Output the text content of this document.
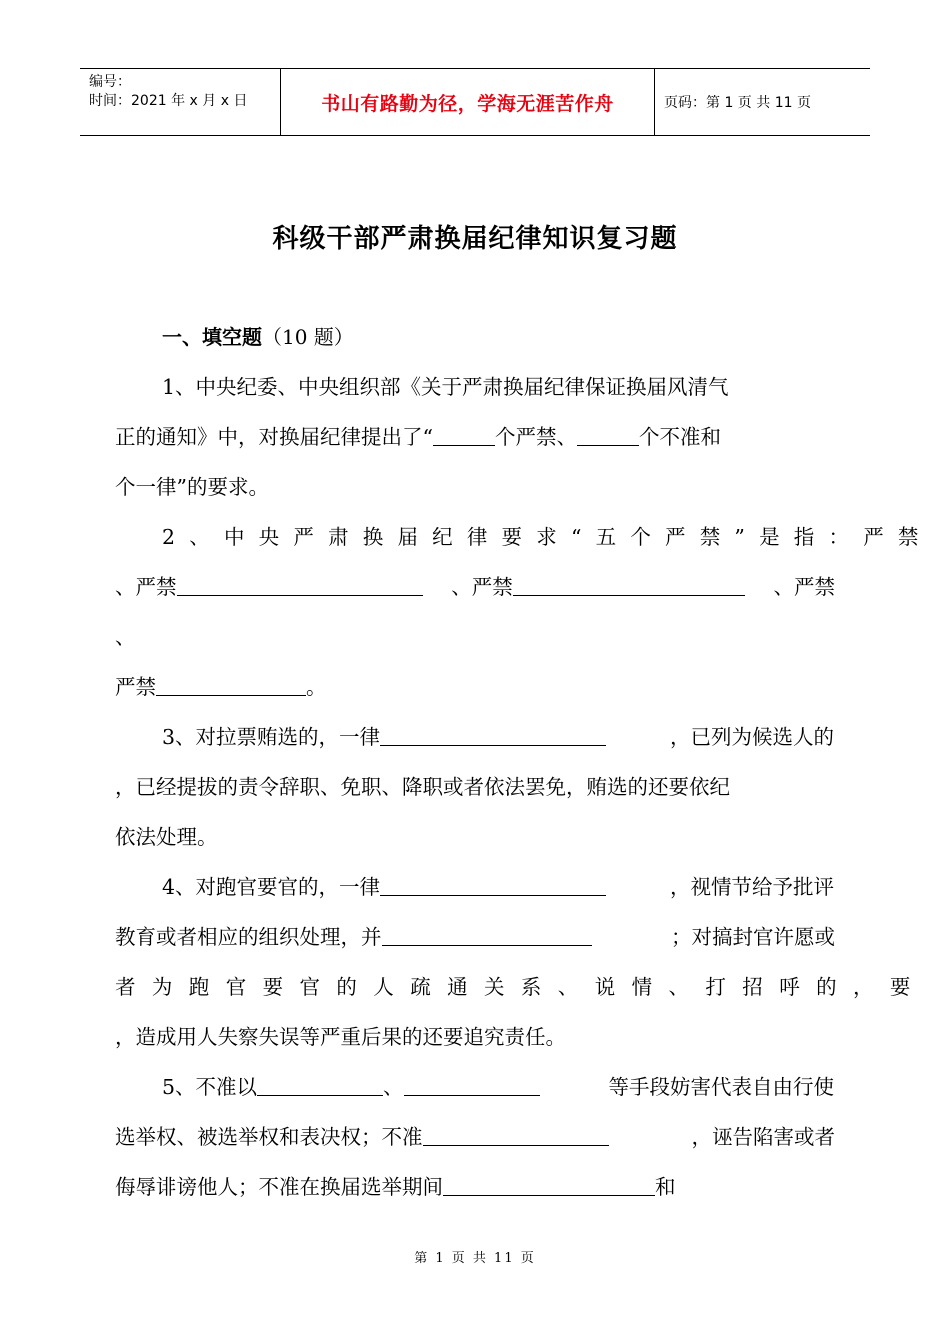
编号：
时间：2021 年 x 月 x 日	书山有路勤为径，学海无涯苦作舟	页码：第 1 页 共 11 页
科级干部严肃换届纪律知识复习题
一、填空题（10 题）
1、中央纪委、中央组织部《关于严肃换届纪律保证换届风清气
正的通知》中，对换届纪律提出了“	个严禁、	个不准和
个一律”的要求。
2、中央严肃换届纪律要求“五个严禁”是指：严禁
、严禁	、严禁	、严禁
、
严禁	。
3、对拉票贿选的，一律	，已列为候选人的
，已经提拔的责令辞职、免职、降职或者依法罢免，贿选的还要依纪
依法处理。
4、对跑官要官的，一律	，视情节给予批评
教育或者相应的组织处理，并	；对搞封官许愿或
者为跑官要官的人疏通关系、说情、打招呼的，要
，造成用人失察失误等严重后果的还要追究责任。
5、不准以	、	等手段妨害代表自由行使
选举权、被选举权和表决权；不准	，诬告陷害或者
侮辱诽谤他人；不准在换届选举期间	和
第 1 页 共 11 页
